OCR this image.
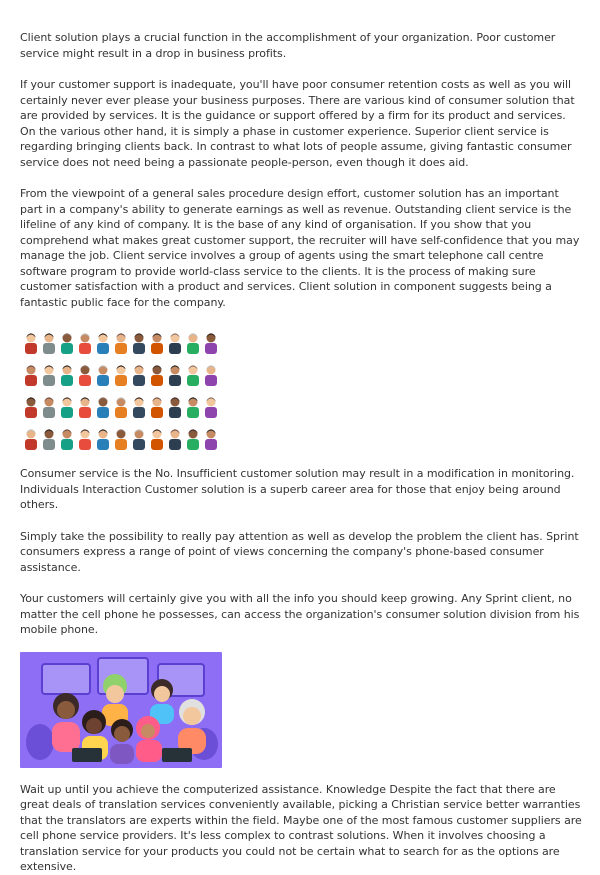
Client solution plays a crucial function in the accomplishment of your organization. Poor customer service might result in a drop in business profits.

If your customer support is inadequate, you'll have poor consumer retention costs as well as you will certainly never ever please your business purposes. There are various kind of consumer solution that are provided by services. It is the guidance or support offered by a firm for its product and services. On the various other hand, it is simply a phase in customer experience. Superior client service is regarding bringing clients back. In contrast to what lots of people assume, giving fantastic consumer service does not need being a passionate people-person, even though it does aid.

From the viewpoint of a general sales procedure design effort, customer solution has an important part in a company's ability to generate earnings as well as revenue. Outstanding client service is the lifeline of any kind of company. It is the base of any kind of organisation. If you show that you comprehend what makes great customer support, the recruiter will have self-confidence that you may manage the job. Client service involves a group of agents using the smart telephone call centre software program to provide world-class service to the clients. It is the process of making sure customer satisfaction with a product and services. Client solution in component suggests being a fantastic public face for the company.

Consumer service is the No. Insufficient customer solution may result in a modification in monitoring. Individuals Interaction Customer solution is a superb career area for those that enjoy being around others.

Simply take the possibility to really pay attention as well as develop the problem the client has. Sprint consumers express a range of point of views concerning the company's phone-based consumer assistance.

Your customers will certainly give you with all the info you should keep growing. Any Sprint client, no matter the cell phone he possesses, can access the organization's consumer solution division from his mobile phone.

Wait up until you achieve the computerized assistance. Knowledge Despite the fact that there are great deals of translation services conveniently available, picking a Christian service better warranties that the translators are experts within the field. Maybe one of the most famous customer suppliers are cell phone service providers. It's less complex to contrast solutions. When it involves choosing a translation service for your products you could not be certain what to search for as the options are extensive.
